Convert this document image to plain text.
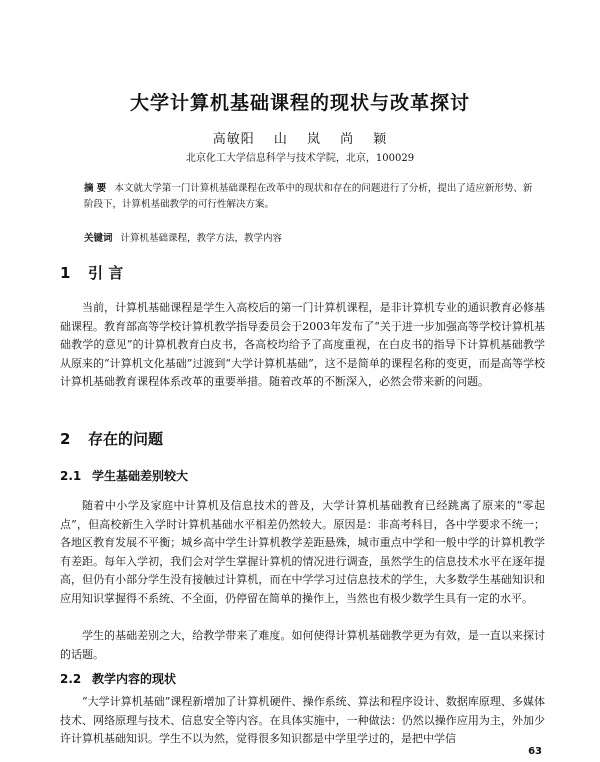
大学计算机基础课程的现状与改革探讨
高敏阳 山 岚 尚 颖
北京化工大学信息科学与技术学院，北京，100029
摘 要 本文就大学第一门计算机基础课程在改革中的现状和存在的问题进行了分析，提出了适应新形势、新阶段下，计算机基础教学的可行性解决方案。
关键词 计算机基础课程，教学方法，教学内容
1 引 言
当前，计算机基础课程是学生入高校后的第一门计算机课程，是非计算机专业的通识教育必修基础课程。教育部高等学校计算机教学指导委员会于2003年发布了“关于进一步加强高等学校计算机基础教学的意见”的计算机教育白皮书，各高校均给予了高度重视，在白皮书的指导下计算机基础教学从原来的“计算机文化基础”过渡到“大学计算机基础”，这不是简单的课程名称的变更，而是高等学校计算机基础教育课程体系改革的重要举措。随着改革的不断深入，必然会带来新的问题。
2 存在的问题
2.1 学生基础差别较大
随着中小学及家庭中计算机及信息技术的普及，大学计算机基础教育已经跳离了原来的“零起点”，但高校新生入学时计算机基础水平相差仍然较大。原因是：非高考科目，各中学要求不统一；各地区教育发展不平衡；城乡高中学生计算机教学差距悬殊，城市重点中学和一般中学的计算机教学有差距。每年入学初，我们会对学生掌握计算机的情况进行调查，虽然学生的信息技术水平在逐年提高，但仍有小部分学生没有接触过计算机，而在中学学习过信息技术的学生，大多数学生基础知识和应用知识掌握得不系统、不全面，仍停留在简单的操作上，当然也有极少数学生具有一定的水平。
学生的基础差别之大，给教学带来了难度。如何使得计算机基础教学更为有效，是一直以来探讨的话题。
2.2 教学内容的现状
“大学计算机基础”课程新增加了计算机硬件、操作系统、算法和程序设计、数据库原理、多媒体技术、网络原理与技术、信息安全等内容。在具体实施中，一种做法：仍然以操作应用为主，外加少许计算机基础知识。学生不以为然，觉得很多知识都是中学里学过的，是把中学信
63
